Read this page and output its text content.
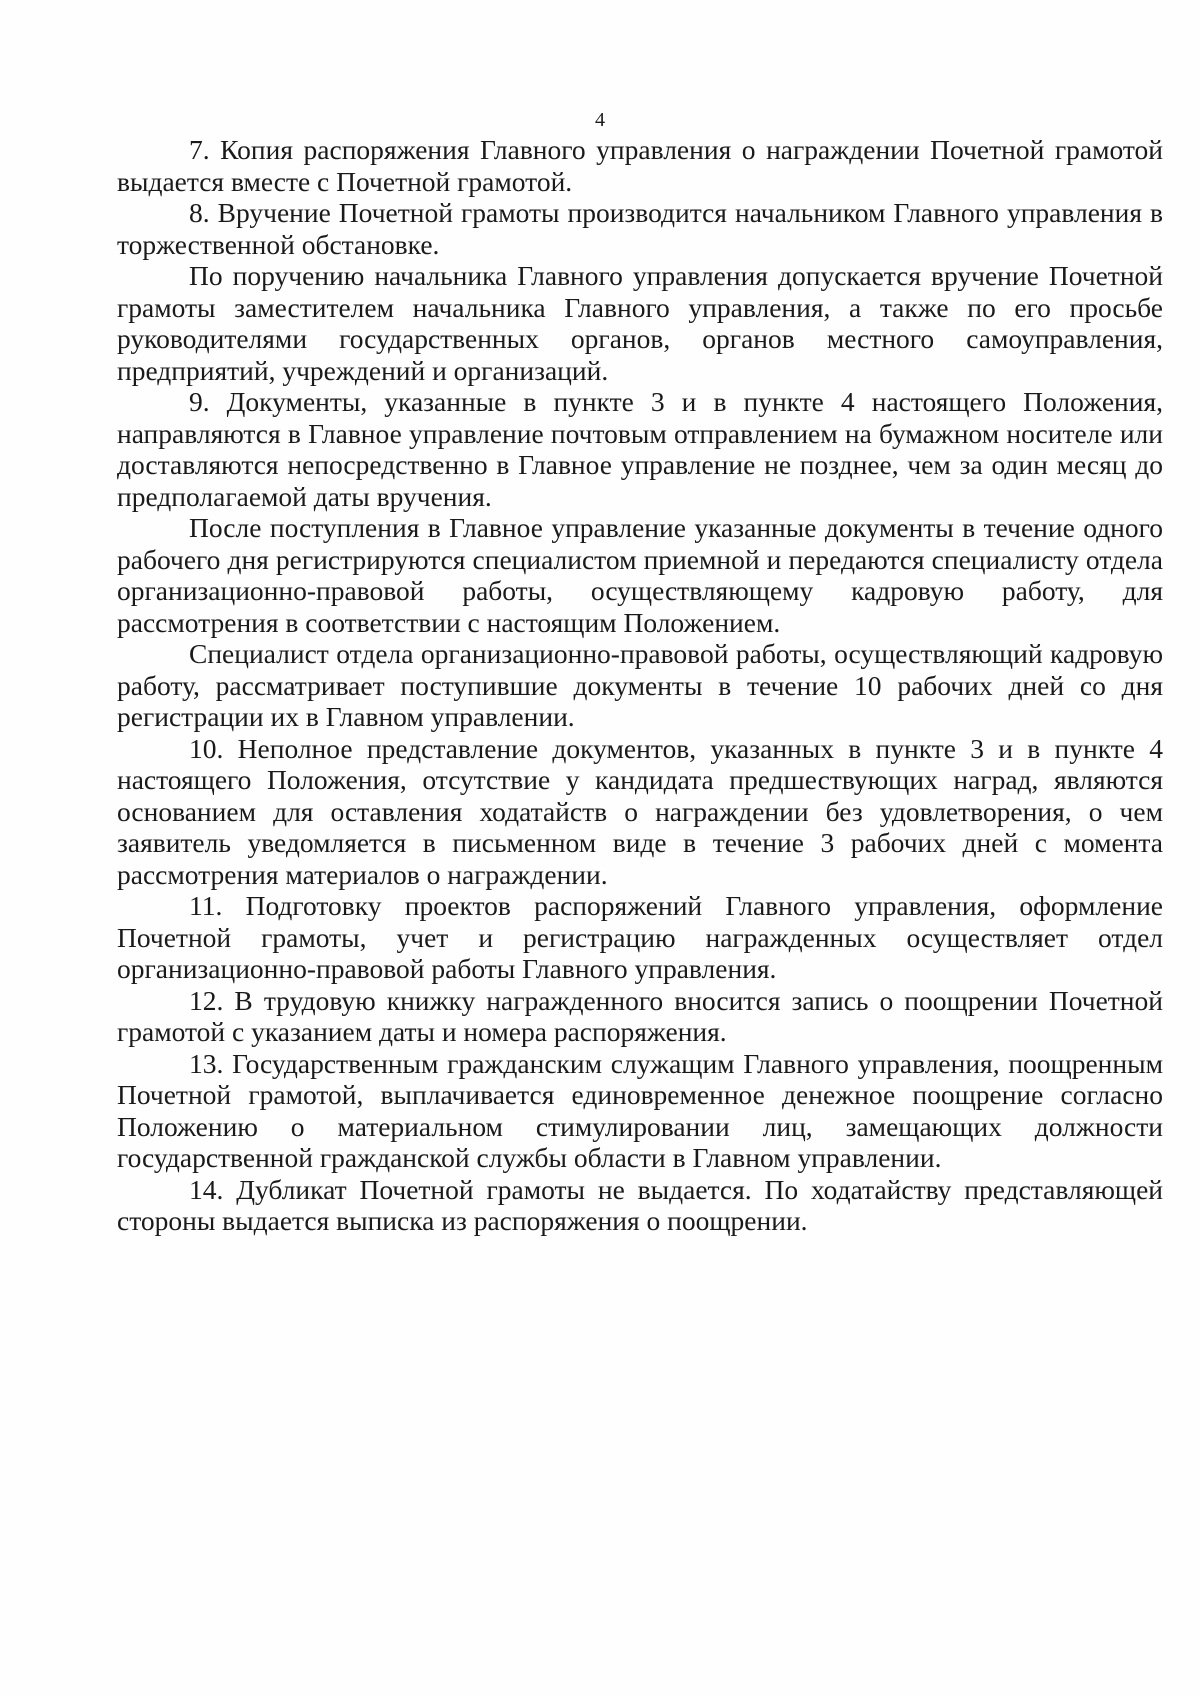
4

7. Копия распоряжения Главного управления о награждении Почетной грамотой выдается вместе с Почетной грамотой.

8. Вручение Почетной грамоты производится начальником Главного управления в торжественной обстановке.

По поручению начальника Главного управления допускается вручение Почетной грамоты заместителем начальника Главного управления, а также по его просьбе руководителями государственных органов, органов местного самоуправления, предприятий, учреждений и организаций.

9. Документы, указанные в пункте 3 и в пункте 4 настоящего Положения, направляются в Главное управление почтовым отправлением на бумажном носителе или доставляются непосредственно в Главное управление не позднее, чем за один месяц до предполагаемой даты вручения.

После поступления в Главное управление указанные документы в течение одного рабочего дня регистрируются специалистом приемной и передаются специалисту отдела организационно-правовой работы, осуществляющему кадровую работу, для рассмотрения в соответствии с настоящим Положением.

Специалист отдела организационно-правовой работы, осуществляющий кадровую работу, рассматривает поступившие документы в течение 10 рабочих дней со дня регистрации их в Главном управлении.

10. Неполное представление документов, указанных в пункте 3 и в пункте 4 настоящего Положения, отсутствие у кандидата предшествующих наград, являются основанием для оставления ходатайств о награждении без удовлетворения, о чем заявитель уведомляется в письменном виде в течение 3 рабочих дней с момента рассмотрения материалов о награждении.

11. Подготовку проектов распоряжений Главного управления, оформление Почетной грамоты, учет и регистрацию награжденных осуществляет отдел организационно-правовой работы Главного управления.

12. В трудовую книжку награжденного вносится запись о поощрении Почетной грамотой с указанием даты и номера распоряжения.

13. Государственным гражданским служащим Главного управления, поощренным Почетной грамотой, выплачивается единовременное денежное поощрение согласно Положению о материальном стимулировании лиц, замещающих должности государственной гражданской службы области в Главном управлении.

14. Дубликат Почетной грамоты не выдается. По ходатайству представляющей стороны выдается выписка из распоряжения о поощрении.
